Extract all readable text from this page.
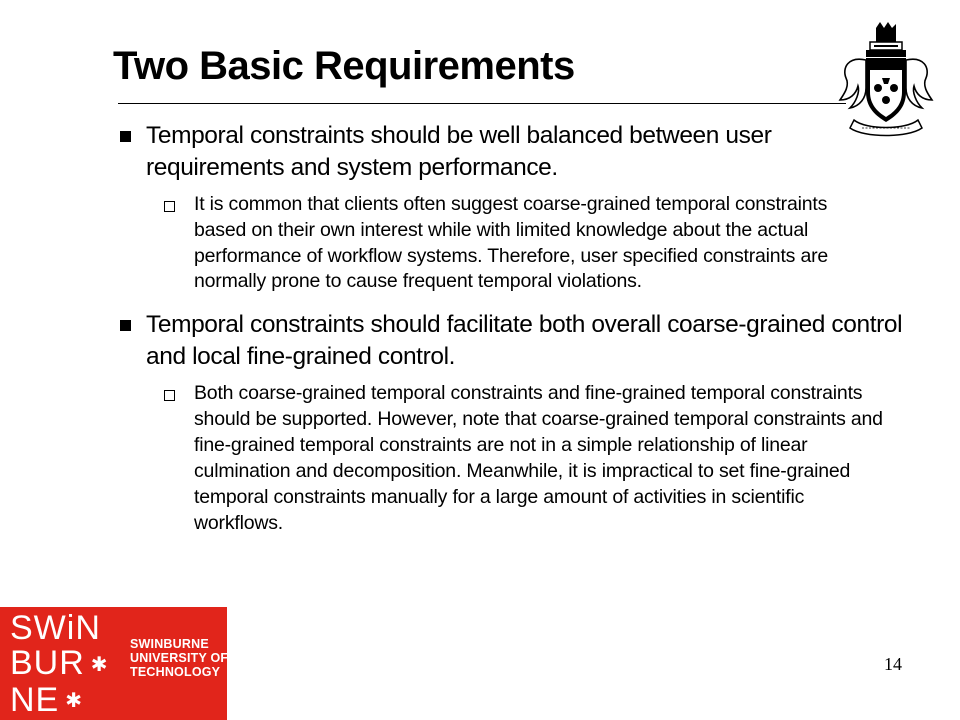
Two Basic Requirements
Temporal constraints should be well balanced between user requirements and system performance.
It is common that clients often suggest coarse-grained temporal constraints based on their own interest while with limited knowledge about the actual performance of workflow systems. Therefore, user specified constraints are normally prone to cause frequent temporal violations.
Temporal constraints should facilitate both overall coarse-grained control and local fine-grained control.
Both coarse-grained temporal constraints and fine-grained temporal constraints should be supported. However, note that coarse-grained temporal constraints and fine-grained temporal constraints are not in a simple relationship of linear culmination and decomposition. Meanwhile, it is impractical to set fine-grained temporal constraints manually for a large amount of activities in scientific workflows.
SWiN
BUR ✱
NE ✱
SWINBURNE
UNIVERSITY OF
TECHNOLOGY	14
